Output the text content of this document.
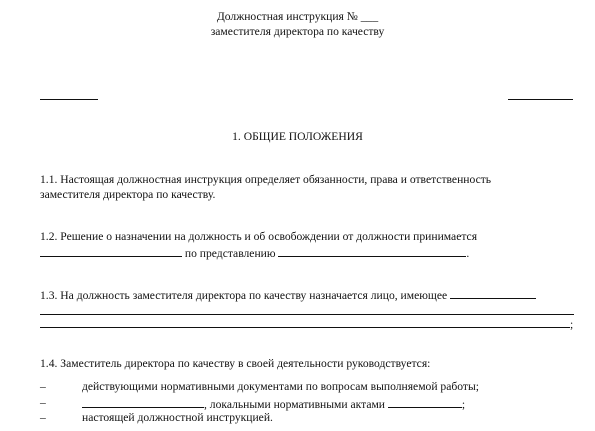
Должностная инструкция № ___
заместителя директора по качеству
1. ОБЩИЕ ПОЛОЖЕНИЯ
1.1. Настоящая должностная инструкция определяет обязанности, права и ответственность
заместителя директора по качеству.
1.2. Решение о назначении на должность и об освобождении от должности принимается
по представлению	.
1.3. На должность заместителя директора по качеству назначается лицо, имеющее
;
1.4. Заместитель директора по качеству в своей деятельности руководствуется:
–	действующими нормативными документами по вопросам выполняемой работы;
–	, локальными нормативными актами	;
–	настоящей должностной инструкцией.
